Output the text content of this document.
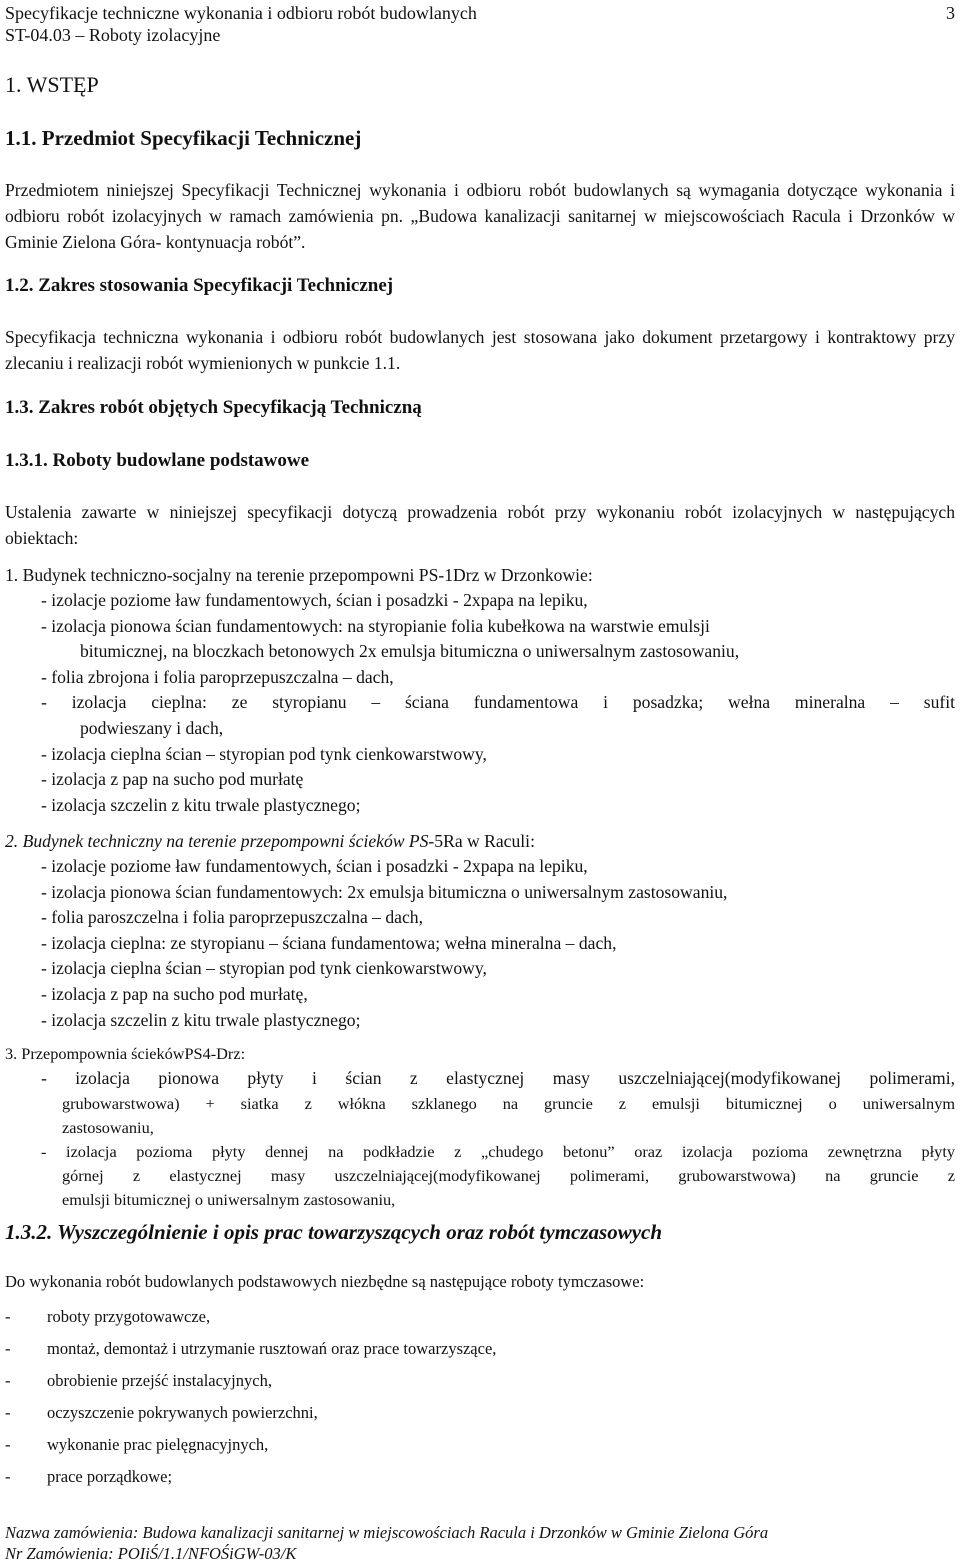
Specyfikacje techniczne wykonania i odbioru robót budowlanych	3
ST-04.03 – Roboty izolacyjne
1. WSTĘP
1.1. Przedmiot Specyfikacji Technicznej
Przedmiotem niniejszej Specyfikacji Technicznej wykonania i odbioru robót budowlanych są wymagania dotyczące wykonania i odbioru robót izolacyjnych w ramach zamówienia pn. „Budowa kanalizacji sanitarnej w miejscowościach Racula i Drzonków w Gminie Zielona Góra- kontynuacja robót”.
1.2. Zakres stosowania Specyfikacji Technicznej
Specyfikacja techniczna wykonania i odbioru robót budowlanych jest stosowana jako dokument przetargowy i kontraktowy przy zlecaniu i realizacji robót wymienionych w punkcie 1.1.
1.3. Zakres robót objętych Specyfikacją Techniczną
1.3.1. Roboty budowlane podstawowe
Ustalenia zawarte w niniejszej specyfikacji dotyczą prowadzenia robót przy wykonaniu robót izolacyjnych w następujących obiektach:
1. Budynek techniczno-socjalny na terenie przepompowni PS-1Drz w Drzonkowie:
- izolacje poziome ław fundamentowych, ścian i posadzki - 2xpapa na lepiku,
- izolacja pionowa ścian fundamentowych: na styropianie folia kubełkowa na warstwie emulsji
bitumicznej, na bloczkach betonowych 2x emulsja bitumiczna o uniwersalnym zastosowaniu,
- folia zbrojona i folia paroprzepuszczalna – dach,
- izolacja cieplna: ze styropianu – ściana fundamentowa i posadzka; wełna mineralna – sufit
podwieszany i dach,
- izolacja cieplna ścian – styropian pod tynk cienkowarstwowy,
- izolacja z pap na sucho pod murłatę
- izolacja szczelin z kitu trwale plastycznego;
2. Budynek techniczny na terenie przepompowni ścieków PS-5Ra w Raculi:
- izolacje poziome ław fundamentowych, ścian i posadzki - 2xpapa na lepiku,
- izolacja pionowa ścian fundamentowych: 2x emulsja bitumiczna o uniwersalnym zastosowaniu,
- folia paroszczelna i folia paroprzepuszczalna – dach,
- izolacja cieplna: ze styropianu – ściana fundamentowa; wełna mineralna – dach,
- izolacja cieplna ścian – styropian pod tynk cienkowarstwowy,
- izolacja z pap na sucho pod murłatę,
- izolacja szczelin z kitu trwale plastycznego;
3. Przepompownia ściekówPS4-Drz:
- izolacja pionowa płyty i ścian z elastycznej masy uszczelniającej(modyfikowanej polimerami,
grubowarstwowa) + siatka z włókna szklanego na gruncie z emulsji bitumicznej o uniwersalnym
zastosowaniu,
- izolacja pozioma płyty dennej na podkładzie z „chudego betonu” oraz izolacja pozioma zewnętrzna płyty
górnej z elastycznej masy uszczelniającej(modyfikowanej polimerami, grubowarstwowa) na gruncie z
emulsji bitumicznej o uniwersalnym zastosowaniu,
1.3.2. Wyszczególnienie i opis prac towarzyszących oraz robót tymczasowych
Do wykonania robót budowlanych podstawowych niezbędne są następujące roboty tymczasowe:
-	roboty przygotowawcze,
-	montaż, demontaż i utrzymanie rusztowań oraz prace towarzyszące,
-	obrobienie przejść instalacyjnych,
-	oczyszczenie pokrywanych powierzchni,
-	wykonanie prac pielęgnacyjnych,
-	prace porządkowe;
Nazwa zamówienia: Budowa kanalizacji sanitarnej w miejscowościach Racula i Drzonków w Gminie Zielona Góra
Nr Zamówienia: POIiŚ/1.1/NFOŚiGW-03/K
